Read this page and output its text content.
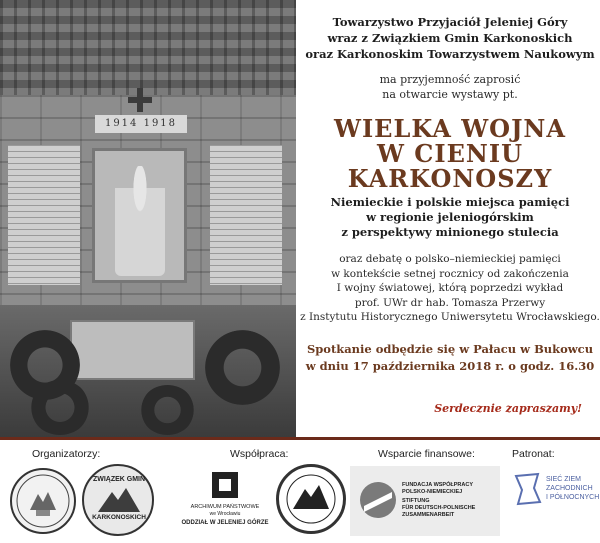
1914 1918
Towarzystwo Przyjaciół Jeleniej Góry
wraz z Związkiem Gmin Karkonoskich
oraz Karkonoskim Towarzystwem Naukowym
ma przyjemność zaprosić
na otwarcie wystawy pt.
WIELKA WOJNA
W CIENIU
KARKONOSZY
Niemieckie i polskie miejsca pamięci
w regionie jeleniogórskim
z perspektywy minionego stulecia
oraz debatę o polsko–niemieckiej pamięci
w kontekście setnej rocznicy od zakończenia
I wojny światowej, którą poprzedzi wykład
prof. UWr dr hab. Tomasza Przerwy
z Instytutu Historycznego Uniwersytetu Wrocławskiego.
Spotkanie odbędzie się w Pałacu w Bukowcu
w dniu 17 października 2018 r. o godz. 16.30
Serdecznie zapraszamy!
Organizatorzy:	Współpraca:	Wsparcie finansowe:	Patronat:
ZWIĄZEK GMIN
KARKONOSKICH
ARCHIWUM PAŃSTWOWE
we Wrocławiu
ODDZIAŁ W JELENIEJ GÓRZE
FUNDACJA WSPÓŁPRACY
POLSKO-NIEMIECKIEJ
STIFTUNG
FÜR DEUTSCH-POLNISCHE
ZUSAMMENARBEIT
SIEĆ ZIEM
ZACHODNICH
I PÓŁNOCNYCH
